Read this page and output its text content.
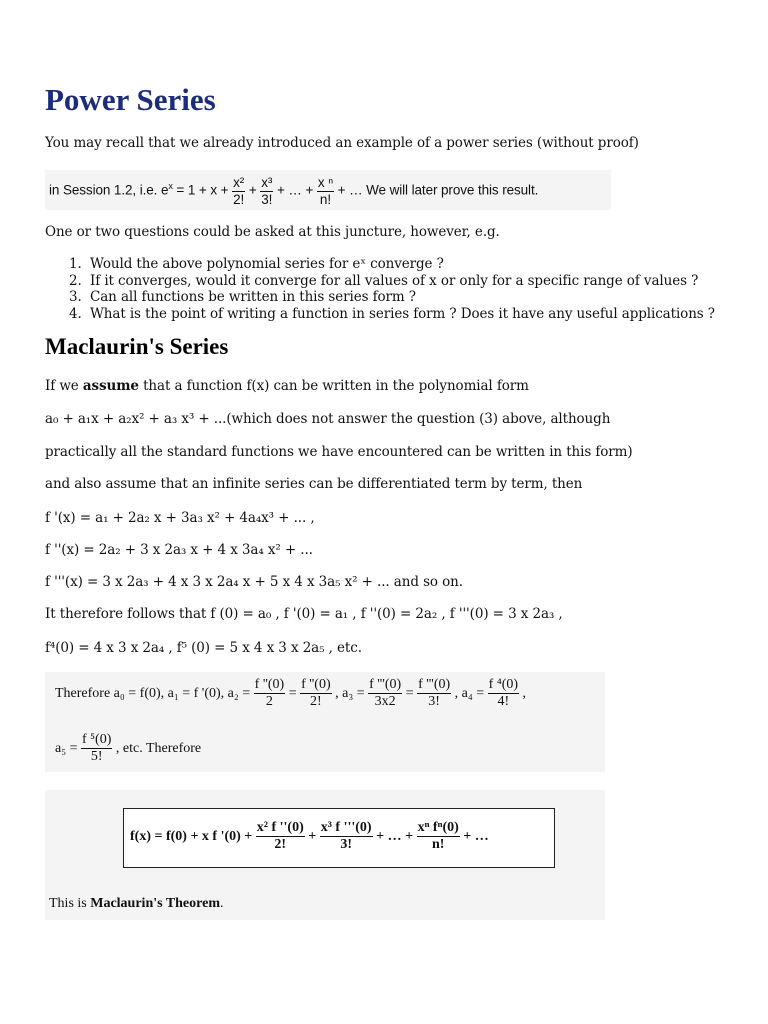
Power Series
You may recall that we already introduced an example of a power series (without proof)
in Session 1.2, i.e. $e^x = 1 + x + \frac{\text{x²}}{2!} + \frac{\text{x³}}{3!}$ + … + $\frac{\text{x ⁿ}}{n!}$ + … We will later prove this result.
One or two questions could be asked at this juncture, however, e.g.
1. Would the above polynomial series for eˣ converge ?
2. If it converges, would it converge for all values of x or only for a specific range of values ?
3. Can all functions be written in this series form ?
4. What is the point of writing a function in series form ? Does it have any useful applications ?
Maclaurin's Series
If we assume that a function f(x) can be written in the polynomial form
a₀ + a₁x + a₂x² + a₃ x³ + ...(which does not answer the question (3) above, although
practically all the standard functions we have encountered can be written in this form)
and also assume that an infinite series can be differentiated term by term, then
f '(x) = a₁ + 2a₂ x + 3a₃ x² + 4a₄x³ + ... ,
f ''(x) = 2a₂ + 3 x 2a₃ x + 4 x 3a₄ x² + ...
f '''(x) = 3 x 2a₃ + 4 x 3 x 2a₄ x + 5 x 4 x 3a₅ x² + ... and so on.
It therefore follows that f (0) = a₀ , f '(0) = a₁ , f ''(0) = 2a₂ , f '''(0) = 3 x 2a₃ ,
f⁴(0) = 4 x 3 x 2a₄ , f⁵ (0) = 5 x 4 x 3 x 2a₅ , etc.
Therefore a₀ = f(0), a₁ = f '(0), $a_2 = \frac{f ''(0)}{2} = \frac{f ''(0)}{2!}$ , $a_3 = \frac{f '''(0)}{3x2} = \frac{f '''(0)}{3!}$ , $a_4 = \frac{\text{f ⁴(0)}}{4!}$ ,
$a_5 = \frac{\text{f ⁵(0)}}{5!}$ , etc. Therefore
f(x) = f(0) + x f '$(0) + \frac{\text{x² f ''(0)}}{2!} + \frac{\text{x³ f '''(0)}}{3!}$ + … + $\frac{\text{xⁿ fⁿ(0)}}{n!}$ + …
This is Maclaurin's Theorem.
